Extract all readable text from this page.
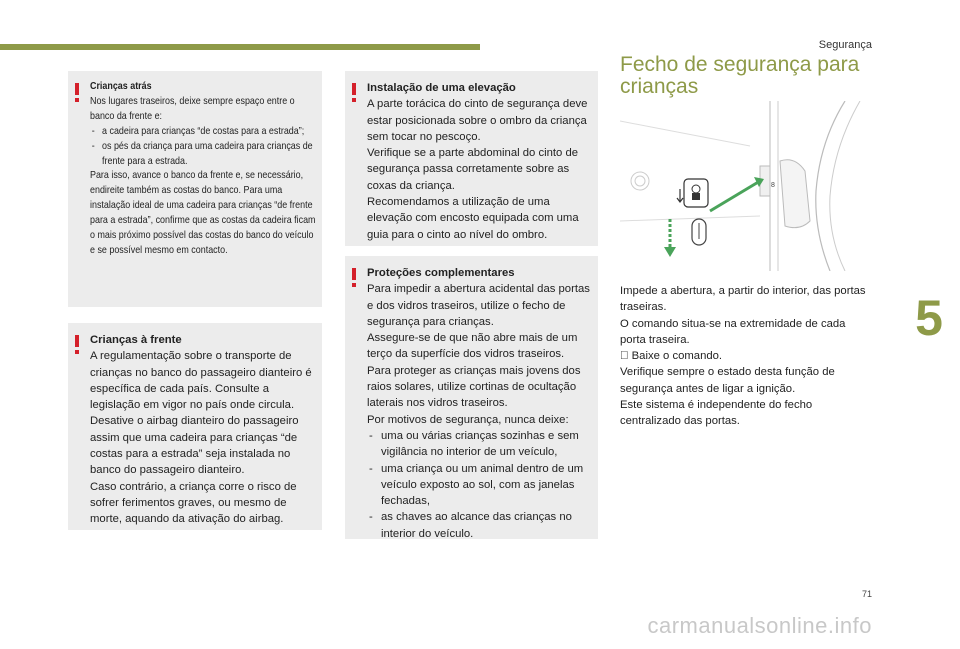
Segurança
5

Crianças atrás

Nos lugares traseiros, deixe sempre espaço entre o banco da frente e:

- a cadeira para crianças “de costas para a estrada”;
- os pés da criança para uma cadeira para crianças de frente para a estrada.

Para isso, avance o banco da frente e, se necessário, endireite também as costas do banco. Para uma instalação ideal de uma cadeira para crianças “de frente para a estrada”, confirme que as costas da cadeira ficam o mais próximo possível das costas do banco do veículo e se possível mesmo em contacto.

Crianças à frente

A regulamentação sobre o transporte de crianças no banco do passageiro dianteiro é específica de cada país. Consulte a legislação em vigor no país onde circula.

Desative o airbag dianteiro do passageiro assim que uma cadeira para crianças “de costas para a estrada” seja instalada no banco do passageiro dianteiro.

Caso contrário, a criança corre o risco de sofrer ferimentos graves, ou mesmo de morte, aquando da ativação do airbag.

Instalação de uma elevação

A parte torácica do cinto de segurança deve estar posicionada sobre o ombro da criança sem tocar no pescoço.

Verifique se a parte abdominal do cinto de segurança passa corretamente sobre as coxas da criança.

Recomendamos a utilização de uma elevação com encosto equipada com uma guia para o cinto ao nível do ombro.

Proteções complementares

Para impedir a abertura acidental das portas e dos vidros traseiros, utilize o fecho de segurança para crianças.

Assegure-se de que não abre mais de um terço da superfície dos vidros traseiros.

Para proteger as crianças mais jovens dos raios solares, utilize cortinas de ocultação laterais nos vidros traseiros.

Por motivos de segurança, nunca deixe:

- uma ou várias crianças sozinhas e sem vigilância no interior de um veículo,
- uma criança ou um animal dentro de um veículo exposto ao sol, com as janelas fechadas,
- as chaves ao alcance das crianças no interior do veículo.
Fecho de segurança para crianças
8

Impede a abertura, a partir do interior, das portas traseiras.

O comando situa-se na extremidade de cada porta traseira.

Baixe o comando.

Verifique sempre o estado desta função de segurança antes de ligar a ignição.

Este sistema é independente do fecho centralizado das portas.

71
carmanualsonline.info
